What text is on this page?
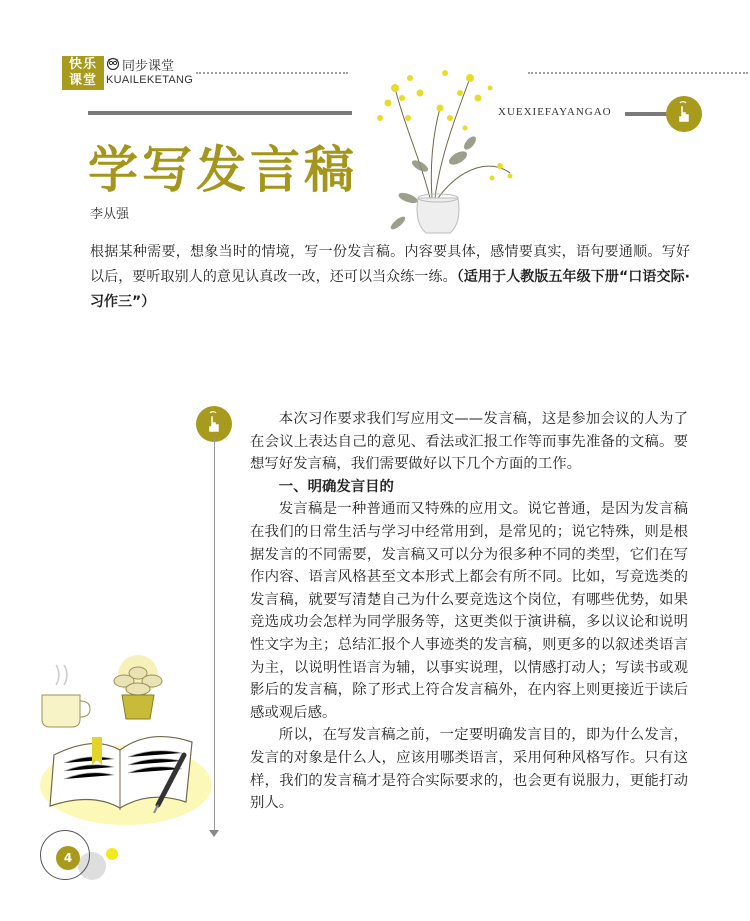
快乐
课堂
同步课堂
KUAILEKETANG
XUEXIEFAYANGAO
学写发言稿
李从强
根据某种需要，想象当时的情境，写一份发言稿。内容要具体，感情要真实，语句要通顺。写好以后，要听取别人的意见认真改一改，还可以当众练一练。（适用于人教版五年级下册“口语交际·习作三”）

本次习作要求我们写应用文——发言稿，这是参加会议的人为了在会议上表达自己的意见、看法或汇报工作等而事先准备的文稿。要想写好发言稿，我们需要做好以下几个方面的工作。

一、明确发言目的

发言稿是一种普通而又特殊的应用文。说它普通，是因为发言稿在我们的日常生活与学习中经常用到，是常见的；说它特殊，则是根据发言的不同需要，发言稿又可以分为很多种不同的类型，它们在写作内容、语言风格甚至文本形式上都会有所不同。比如，写竞选类的发言稿，就要写清楚自己为什么要竞选这个岗位，有哪些优势，如果竞选成功会怎样为同学服务等，这更类似于演讲稿，多以议论和说明性文字为主；总结汇报个人事迹类的发言稿，则更多的以叙述类语言为主，以说明性语言为辅，以事实说理，以情感打动人；写读书或观影后的发言稿，除了形式上符合发言稿外，在内容上则更接近于读后感或观后感。

所以，在写发言稿之前，一定要明确发言目的，即为什么发言，发言的对象是什么人，应该用哪类语言，采用何种风格写作。只有这样，我们的发言稿才是符合实际要求的，也会更有说服力，更能打动别人。

4
